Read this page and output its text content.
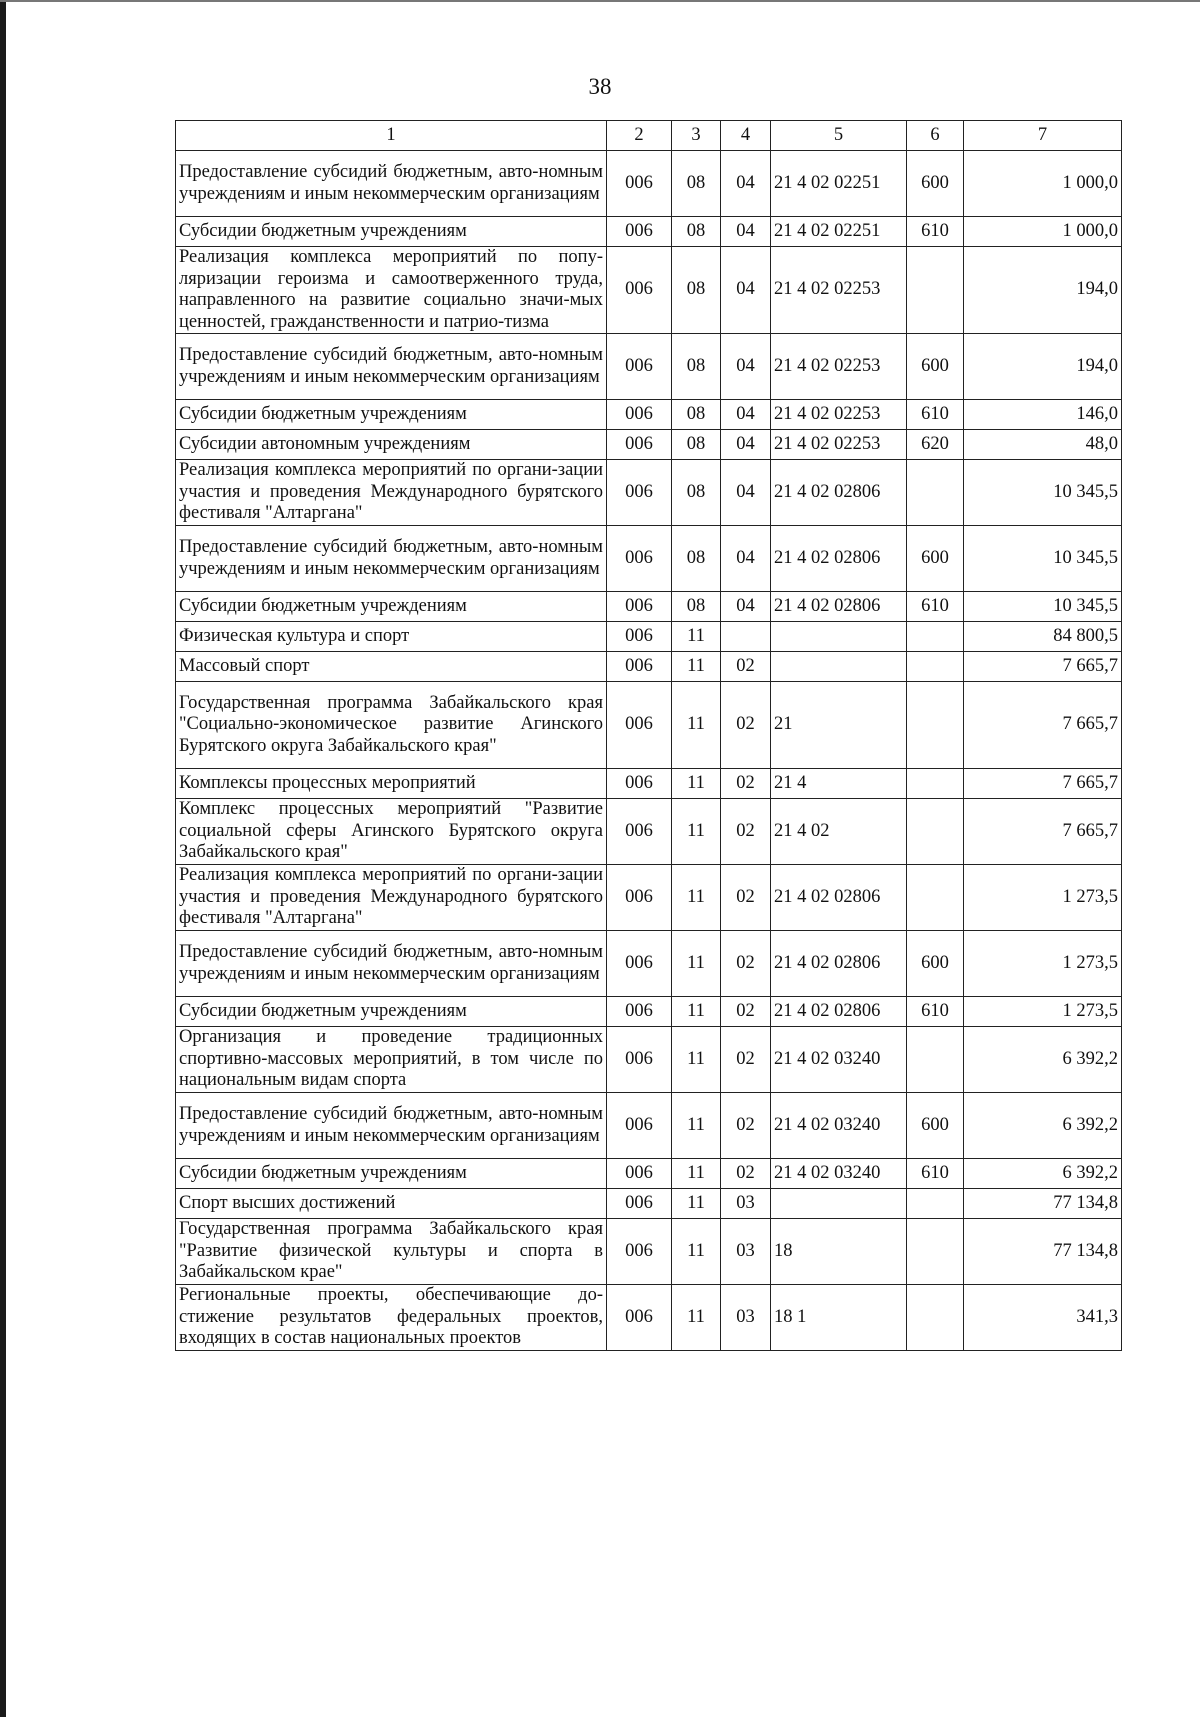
38
1	2	3	4	5	6	7
Предоставление субсидий бюджетным, авто-номным учреждениям и иным некоммерческим организациям	006	08	04	21 4 02 02251	600	1 000,0
Субсидии бюджетным учреждениям	006	08	04	21 4 02 02251	610	1 000,0
Реализация комплекса мероприятий по попу-ляризации героизма и самоотверженного труда, направленного на развитие социально значи-мых ценностей, гражданственности и патрио-тизма	006	08	04	21 4 02 02253		194,0
Предоставление субсидий бюджетным, авто-номным учреждениям и иным некоммерческим организациям	006	08	04	21 4 02 02253	600	194,0
Субсидии бюджетным учреждениям	006	08	04	21 4 02 02253	610	146,0
Субсидии автономным учреждениям	006	08	04	21 4 02 02253	620	48,0
Реализация комплекса мероприятий по органи-зации участия и проведения Международного бурятского фестиваля "Алтаргана"	006	08	04	21 4 02 02806		10 345,5
Предоставление субсидий бюджетным, авто-номным учреждениям и иным некоммерческим организациям	006	08	04	21 4 02 02806	600	10 345,5
Субсидии бюджетным учреждениям	006	08	04	21 4 02 02806	610	10 345,5
Физическая культура и спорт	006	11				84 800,5
Массовый спорт	006	11	02			7 665,7
Государственная программа Забайкальского края "Социально-экономическое развитие Агинского Бурятского округа Забайкальского края"	006	11	02	21		7 665,7
Комплексы процессных мероприятий	006	11	02	21 4		7 665,7
Комплекс процессных мероприятий "Развитие социальной сферы Агинского Бурятского округа Забайкальского края"	006	11	02	21 4 02		7 665,7
Реализация комплекса мероприятий по органи-зации участия и проведения Международного бурятского фестиваля "Алтаргана"	006	11	02	21 4 02 02806		1 273,5
Предоставление субсидий бюджетным, авто-номным учреждениям и иным некоммерческим организациям	006	11	02	21 4 02 02806	600	1 273,5
Субсидии бюджетным учреждениям	006	11	02	21 4 02 02806	610	1 273,5
Организация и проведение традиционных спортивно-массовых мероприятий, в том числе по национальным видам спорта	006	11	02	21 4 02 03240		6 392,2
Предоставление субсидий бюджетным, авто-номным учреждениям и иным некоммерческим организациям	006	11	02	21 4 02 03240	600	6 392,2
Субсидии бюджетным учреждениям	006	11	02	21 4 02 03240	610	6 392,2
Спорт высших достижений	006	11	03			77 134,8
Государственная программа Забайкальского края "Развитие физической культуры и спорта в Забайкальском крае"	006	11	03	18		77 134,8
Региональные проекты, обеспечивающие до-стижение результатов федеральных проектов, входящих в состав национальных проектов	006	11	03	18 1		341,3
